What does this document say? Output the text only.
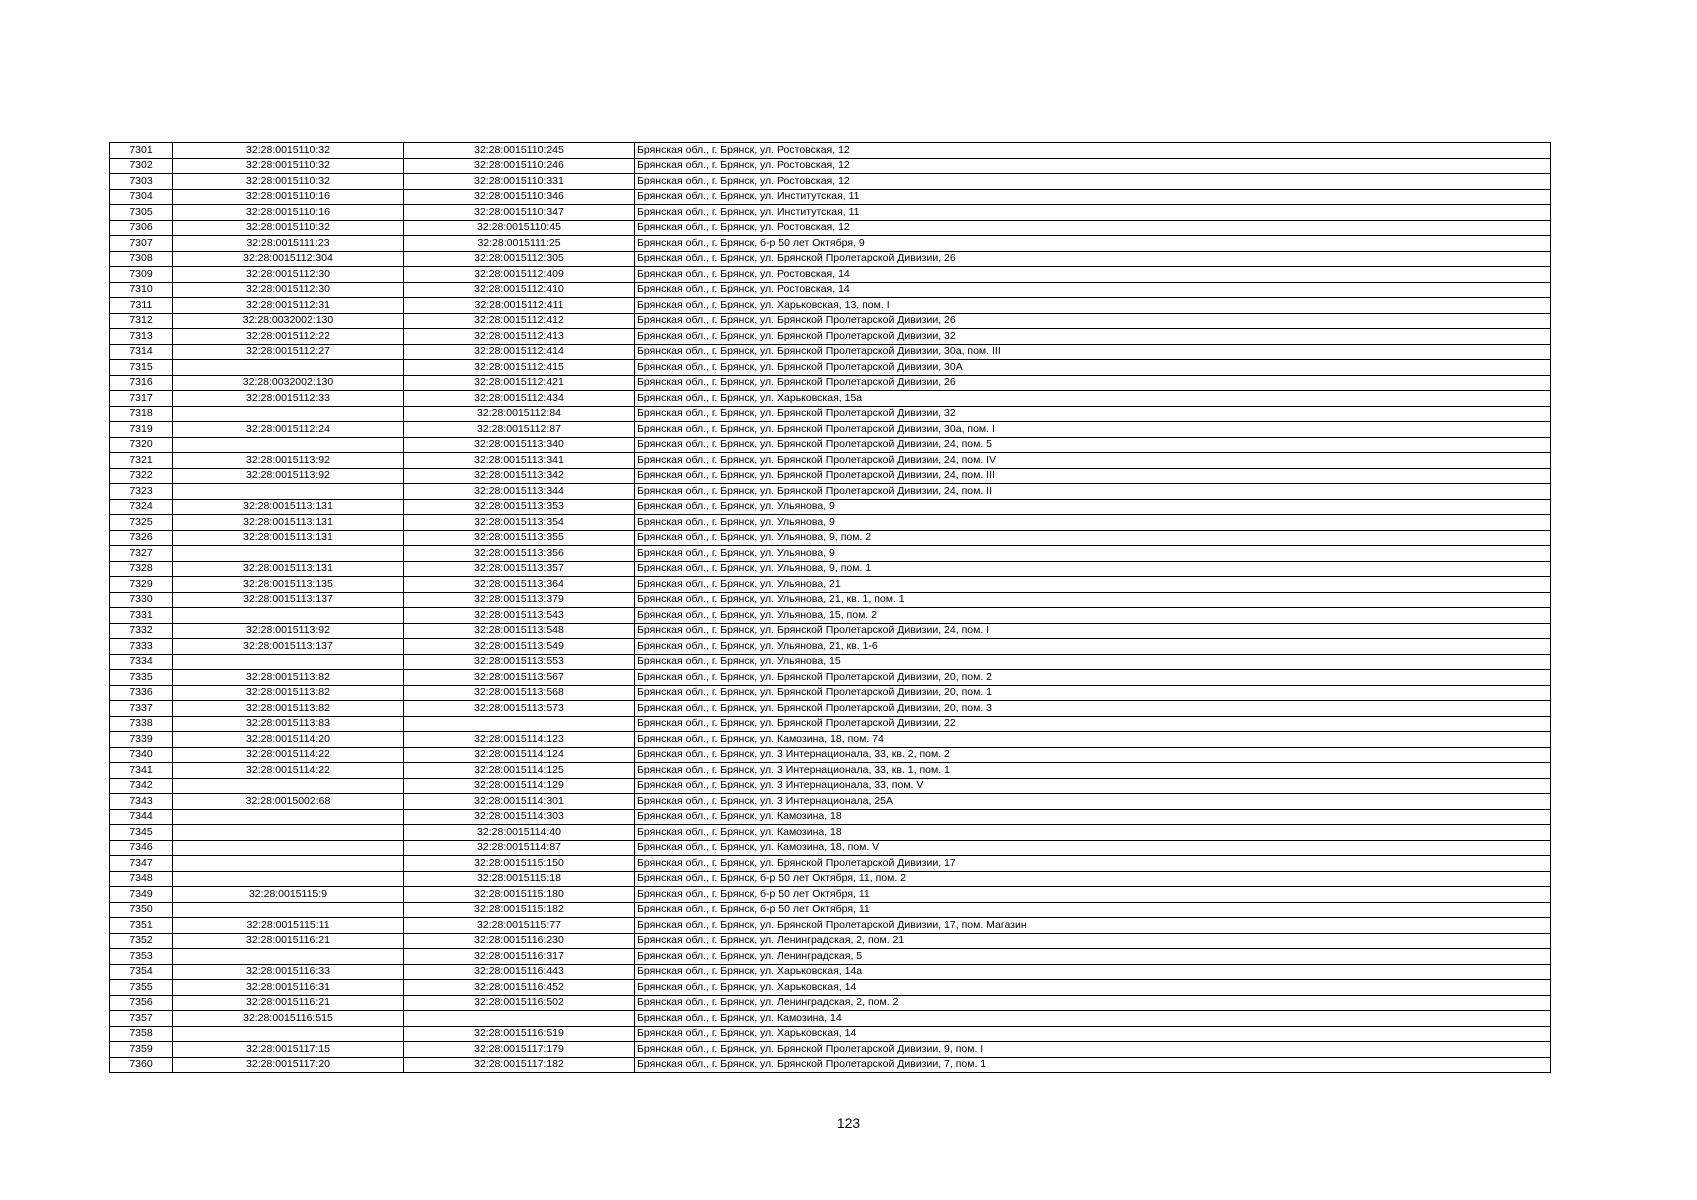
7301	32:28:0015110:32	32:28:0015110:245	Брянская обл., г. Брянск, ул. Ростовская, 12
7302	32:28:0015110:32	32:28:0015110:246	Брянская обл., г. Брянск, ул. Ростовская, 12
7303	32:28:0015110:32	32:28:0015110:331	Брянская обл., г. Брянск, ул. Ростовская, 12
7304	32:28:0015110:16	32:28:0015110:346	Брянская обл., г. Брянск, ул. Институтская, 11
7305	32:28:0015110:16	32:28:0015110:347	Брянская обл., г. Брянск, ул. Институтская, 11
7306	32:28:0015110:32	32:28:0015110:45	Брянская обл., г. Брянск, ул. Ростовская, 12
7307	32:28:0015111:23	32:28:0015111:25	Брянская обл., г. Брянск, б-р 50 лет Октября, 9
7308	32:28:0015112:304	32:28:0015112:305	Брянская обл., г. Брянск, ул. Брянской Пролетарской Дивизии, 26
7309	32:28:0015112:30	32:28:0015112:409	Брянская обл., г. Брянск, ул. Ростовская, 14
7310	32:28:0015112:30	32:28:0015112:410	Брянская обл., г. Брянск, ул. Ростовская, 14
7311	32:28:0015112:31	32:28:0015112:411	Брянская обл., г. Брянск, ул. Харьковская, 13, пом. I
7312	32:28:0032002:130	32:28:0015112:412	Брянская обл., г. Брянск, ул. Брянской Пролетарской Дивизии, 26
7313	32:28:0015112:22	32:28:0015112:413	Брянская обл., г. Брянск, ул. Брянской Пролетарской Дивизии, 32
7314	32:28:0015112:27	32:28:0015112:414	Брянская обл., г. Брянск, ул. Брянской Пролетарской Дивизии, 30а, пом. III
7315		32:28:0015112:415	Брянская обл., г. Брянск, ул. Брянской Пролетарской Дивизии, 30А
7316	32:28:0032002:130	32:28:0015112:421	Брянская обл., г. Брянск, ул. Брянской Пролетарской Дивизии, 26
7317	32:28:0015112:33	32:28:0015112:434	Брянская обл., г. Брянск, ул. Харьковская, 15а
7318		32:28:0015112:84	Брянская обл., г. Брянск, ул. Брянской Пролетарской Дивизии, 32
7319	32:28:0015112:24	32:28:0015112:87	Брянская обл., г. Брянск, ул. Брянской Пролетарской Дивизии, 30а, пом. I
7320		32:28:0015113:340	Брянская обл., г. Брянск, ул. Брянской Пролетарской Дивизии, 24, пом. 5
7321	32:28:0015113:92	32:28:0015113:341	Брянская обл., г. Брянск, ул. Брянской Пролетарской Дивизии, 24, пом. IV
7322	32:28:0015113:92	32:28:0015113:342	Брянская обл., г. Брянск, ул. Брянской Пролетарской Дивизии, 24, пом. III
7323		32:28:0015113:344	Брянская обл., г. Брянск, ул. Брянской Пролетарской Дивизии, 24, пом. II
7324	32:28:0015113:131	32:28:0015113:353	Брянская обл., г. Брянск, ул. Ульянова, 9
7325	32:28:0015113:131	32:28:0015113:354	Брянская обл., г. Брянск, ул. Ульянова, 9
7326	32:28:0015113:131	32:28:0015113:355	Брянская обл., г. Брянск, ул. Ульянова, 9, пом. 2
7327		32:28:0015113:356	Брянская обл., г. Брянск, ул. Ульянова, 9
7328	32:28:0015113:131	32:28:0015113:357	Брянская обл., г. Брянск, ул. Ульянова, 9, пом. 1
7329	32:28:0015113:135	32:28:0015113:364	Брянская обл., г. Брянск, ул. Ульянова, 21
7330	32:28:0015113:137	32:28:0015113:379	Брянская обл., г. Брянск, ул. Ульянова, 21, кв. 1, пом. 1
7331		32:28:0015113:543	Брянская обл., г. Брянск, ул. Ульянова, 15, пом. 2
7332	32:28:0015113:92	32:28:0015113:548	Брянская обл., г. Брянск, ул. Брянской Пролетарской Дивизии, 24, пом. I
7333	32:28:0015113:137	32:28:0015113:549	Брянская обл., г. Брянск, ул. Ульянова, 21, кв. 1-6
7334		32:28:0015113:553	Брянская обл., г. Брянск, ул. Ульянова, 15
7335	32:28:0015113:82	32:28:0015113:567	Брянская обл., г. Брянск, ул. Брянской Пролетарской Дивизии, 20, пом. 2
7336	32:28:0015113:82	32:28:0015113:568	Брянская обл., г. Брянск, ул. Брянской Пролетарской Дивизии, 20, пом. 1
7337	32:28:0015113:82	32:28:0015113:573	Брянская обл., г. Брянск, ул. Брянской Пролетарской Дивизии, 20, пом. 3
7338	32:28:0015113:83		Брянская обл., г. Брянск, ул. Брянской Пролетарской Дивизии, 22
7339	32:28:0015114:20	32:28:0015114:123	Брянская обл., г. Брянск, ул. Камозина, 18, пом. 74
7340	32:28:0015114:22	32:28:0015114:124	Брянская обл., г. Брянск, ул. 3 Интернационала, 33, кв. 2, пом. 2
7341	32:28:0015114:22	32:28:0015114:125	Брянская обл., г. Брянск, ул. 3 Интернационала, 33, кв. 1, пом. 1
7342		32:28:0015114:129	Брянская обл., г. Брянск, ул. 3 Интернационала, 33, пом. V
7343	32:28:0015002:68	32:28:0015114:301	Брянская обл., г. Брянск, ул. 3 Интернационала, 25А
7344		32:28:0015114:303	Брянская обл., г. Брянск, ул. Камозина, 18
7345		32:28:0015114:40	Брянская обл., г. Брянск, ул. Камозина, 18
7346		32:28:0015114:87	Брянская обл., г. Брянск, ул. Камозина, 18, пом. V
7347		32:28:0015115:150	Брянская обл., г. Брянск, ул. Брянской Пролетарской Дивизии, 17
7348		32:28:0015115:18	Брянская обл., г. Брянск, б-р 50 лет Октября, 11, пом. 2
7349	32:28:0015115:9	32:28:0015115:180	Брянская обл., г. Брянск, б-р 50 лет Октября, 11
7350		32:28:0015115:182	Брянская обл., г. Брянск, б-р 50 лет Октября, 11
7351	32:28:0015115:11	32:28:0015115:77	Брянская обл., г. Брянск, ул. Брянской Пролетарской Дивизии, 17, пом. Магазин
7352	32:28:0015116:21	32:28:0015116:230	Брянская обл., г. Брянск, ул. Ленинградская, 2, пом. 21
7353		32:28:0015116:317	Брянская обл., г. Брянск, ул. Ленинградская, 5
7354	32:28:0015116:33	32:28:0015116:443	Брянская обл., г. Брянск, ул. Харьковская, 14а
7355	32:28:0015116:31	32:28:0015116:452	Брянская обл., г. Брянск, ул. Харьковская, 14
7356	32:28:0015116:21	32:28:0015116:502	Брянская обл., г. Брянск, ул. Ленинградская, 2, пом. 2
7357	32:28:0015116:515		Брянская обл., г. Брянск, ул. Камозина, 14
7358		32:28:0015116:519	Брянская обл., г. Брянск, ул. Харьковская, 14
7359	32:28:0015117:15	32:28:0015117:179	Брянская обл., г. Брянск, ул. Брянской Пролетарской Дивизии, 9, пом. I
7360	32:28:0015117:20	32:28:0015117:182	Брянская обл., г. Брянск, ул. Брянской Пролетарской Дивизии, 7, пом. 1
123
